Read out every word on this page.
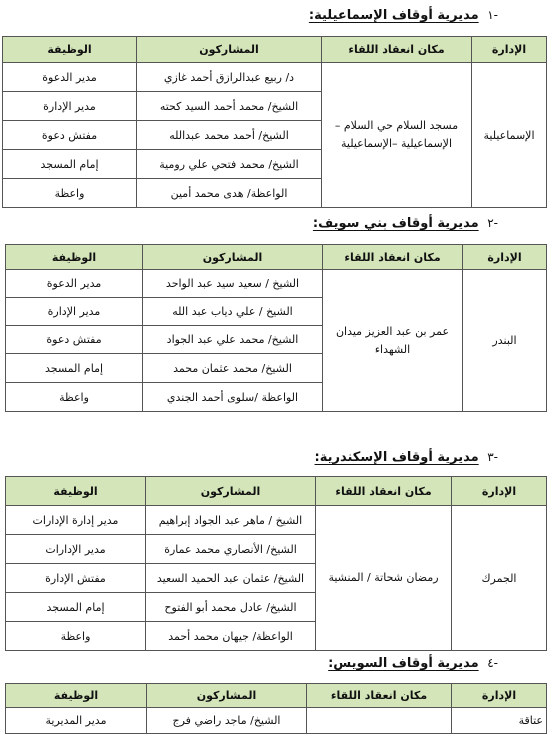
-١ مديرية أوقاف الإسماعيلية:
الإدارة	مكان انعقاد اللقاء	المشاركون	الوظيفة
الإسماعيلية	مسجد السلام حي السلام – الإسماعيلية –الإسماعيلية	د/ ربيع عبدالرازق أحمد غازي	مدير الدعوة
		الشيخ/ محمد أحمد السيد كحته	مدير الإدارة
		الشيخ/ أحمد محمد عبدالله	مفتش دعوة
		الشيخ/ محمد فتحي علي رومية	إمام المسجد
		الواعظة/ هدى محمد أمين	واعظة
-٢ مديرية أوقاف بني سويف:
الإدارة	مكان انعقاد اللقاء	المشاركون	الوظيفة
البندر	عمر بن عبد العزيز ميدان الشهداء	الشيخ / سعيد سيد عبد الواحد	مدير الدعوة
		الشيخ / علي دياب عبد الله	مدير الإدارة
		الشيخ/ محمد علي عبد الجواد	مفتش دعوة
		الشيخ/ محمد عثمان محمد	إمام المسجد
		الواعظة /سلوى أحمد الجندي	واعظة
-٣ مديرية أوقاف الإسكندرية:
الإدارة	مكان انعقاد اللقاء	المشاركون	الوظيفة
الجمرك	رمضان شحاتة / المنشية	الشيخ / ماهر عبد الجواد إبراهيم	مدير إدارة الإدارات
		الشيخ/ الأنصاري محمد عمارة	مدير الإدارات
		الشيخ/ عثمان عبد الحميد السعيد	مفتش الإدارة
		الشيخ/ عادل محمد أبو الفتوح	إمام المسجد
		الواعظة/ جيهان محمد أحمد	واعظة
-٤ مديرية أوقاف السويس:
الإدارة	مكان انعقاد اللقاء	المشاركون	الوظيفة
عتاقة		الشيخ/ ماجد راضي فرج	مدير المديرية
